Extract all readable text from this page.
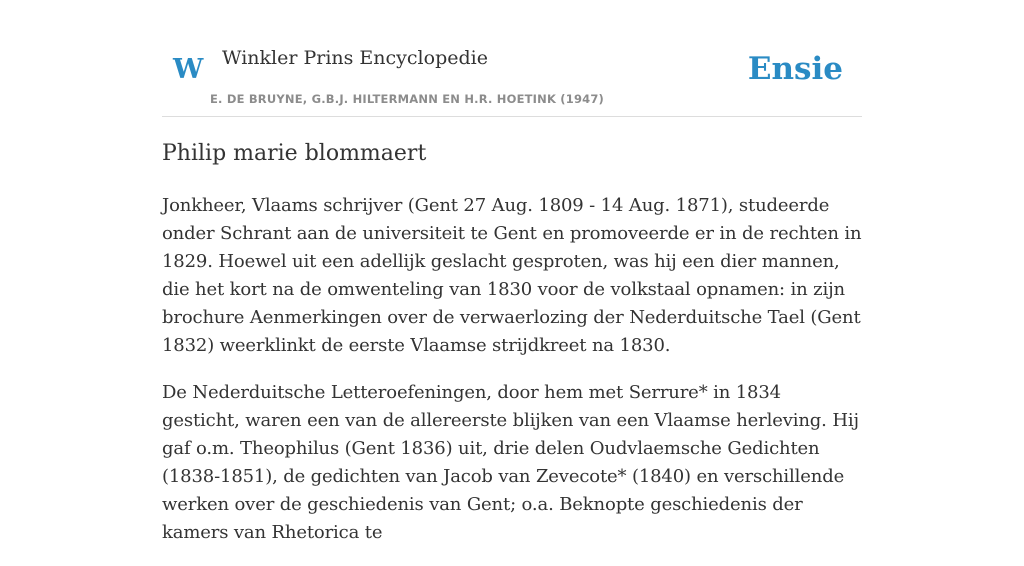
W Winkler Prins Encyclopedie
E. DE BRUYNE, G.B.J. HILTERMANN EN H.R. HOETINK (1947)
Ensie
Philip marie blommaert

Jonkheer, Vlaams schrijver (Gent 27 Aug. 1809 - 14 Aug. 1871), studeerde onder Schrant aan de universiteit te Gent en promoveerde er in de rechten in 1829. Hoewel uit een adellijk geslacht gesproten, was hij een dier mannen, die het kort na de omwenteling van 1830 voor de volkstaal opnamen: in zijn brochure Aenmerkingen over de verwaerlozing der Nederduitsche Tael (Gent 1832) weerklinkt de eerste Vlaamse strijdkreet na 1830.

De Nederduitsche Letteroefeningen, door hem met Serrure* in 1834 gesticht, waren een van de allereerste blijken van een Vlaamse herleving. Hij gaf o.m. Theophilus (Gent 1836) uit, drie delen Oudvlaemsche Gedichten (1838-1851), de gedichten van Jacob van Zevecote* (1840) en verschillende werken over de geschiedenis van Gent; o.a. Beknopte geschiedenis der kamers van Rhetorica te
